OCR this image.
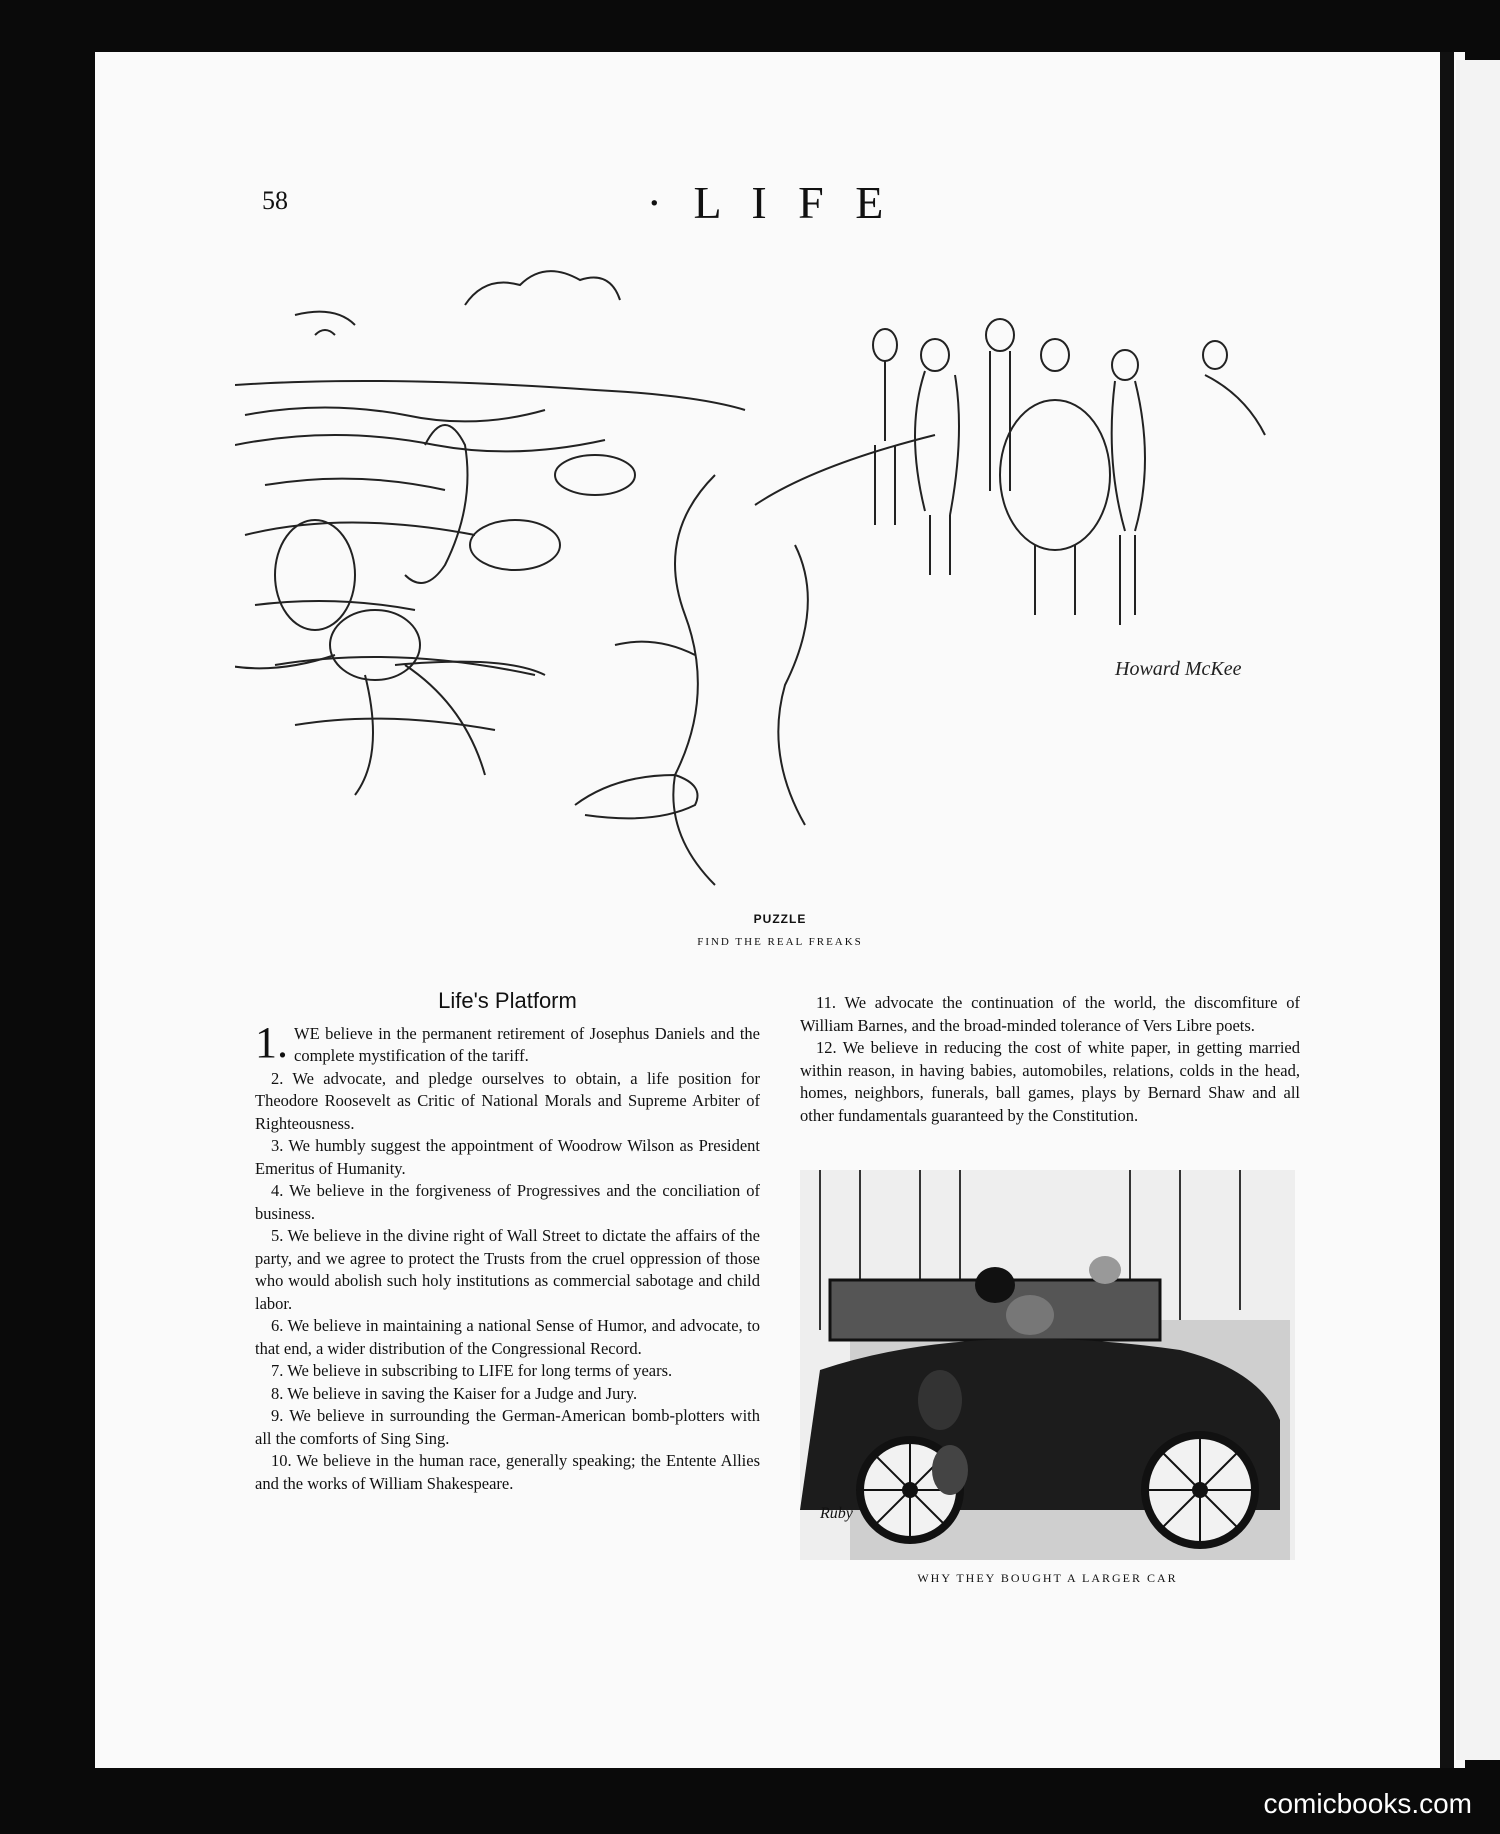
58	· L I F E ·
Howard McKee
PUZZLE
FIND THE REAL FREAKS
Life's Platform

1. WE believe in the permanent retirement of Josephus Daniels and the complete mystification of the tariff.

2. We advocate, and pledge ourselves to obtain, a life position for Theodore Roosevelt as Critic of National Morals and Supreme Arbiter of Righteousness.

3. We humbly suggest the appointment of Woodrow Wilson as President Emeritus of Humanity.

4. We believe in the forgiveness of Progressives and the conciliation of business.

5. We believe in the divine right of Wall Street to dictate the affairs of the party, and we agree to protect the Trusts from the cruel oppression of those who would abolish such holy institutions as commercial sabotage and child labor.

6. We believe in maintaining a national Sense of Humor, and advocate, to that end, a wider distribution of the Congressional Record.

7. We believe in subscribing to LIFE for long terms of years.

8. We believe in saving the Kaiser for a Judge and Jury.

9. We believe in surrounding the German-American bomb-plotters with all the comforts of Sing Sing.

10. We believe in the human race, generally speaking; the Entente Allies and the works of William Shakespeare.

11. We advocate the continuation of the world, the discomfiture of William Barnes, and the broad-minded tolerance of Vers Libre poets.

12. We believe in reducing the cost of white paper, in getting married within reason, in having babies, automobiles, relations, colds in the head, homes, neighbors, funerals, ball games, plays by Bernard Shaw and all other fundamentals guaranteed by the Constitution.

Ruby
WHY THEY BOUGHT A LARGER CAR
comicbooks.com
